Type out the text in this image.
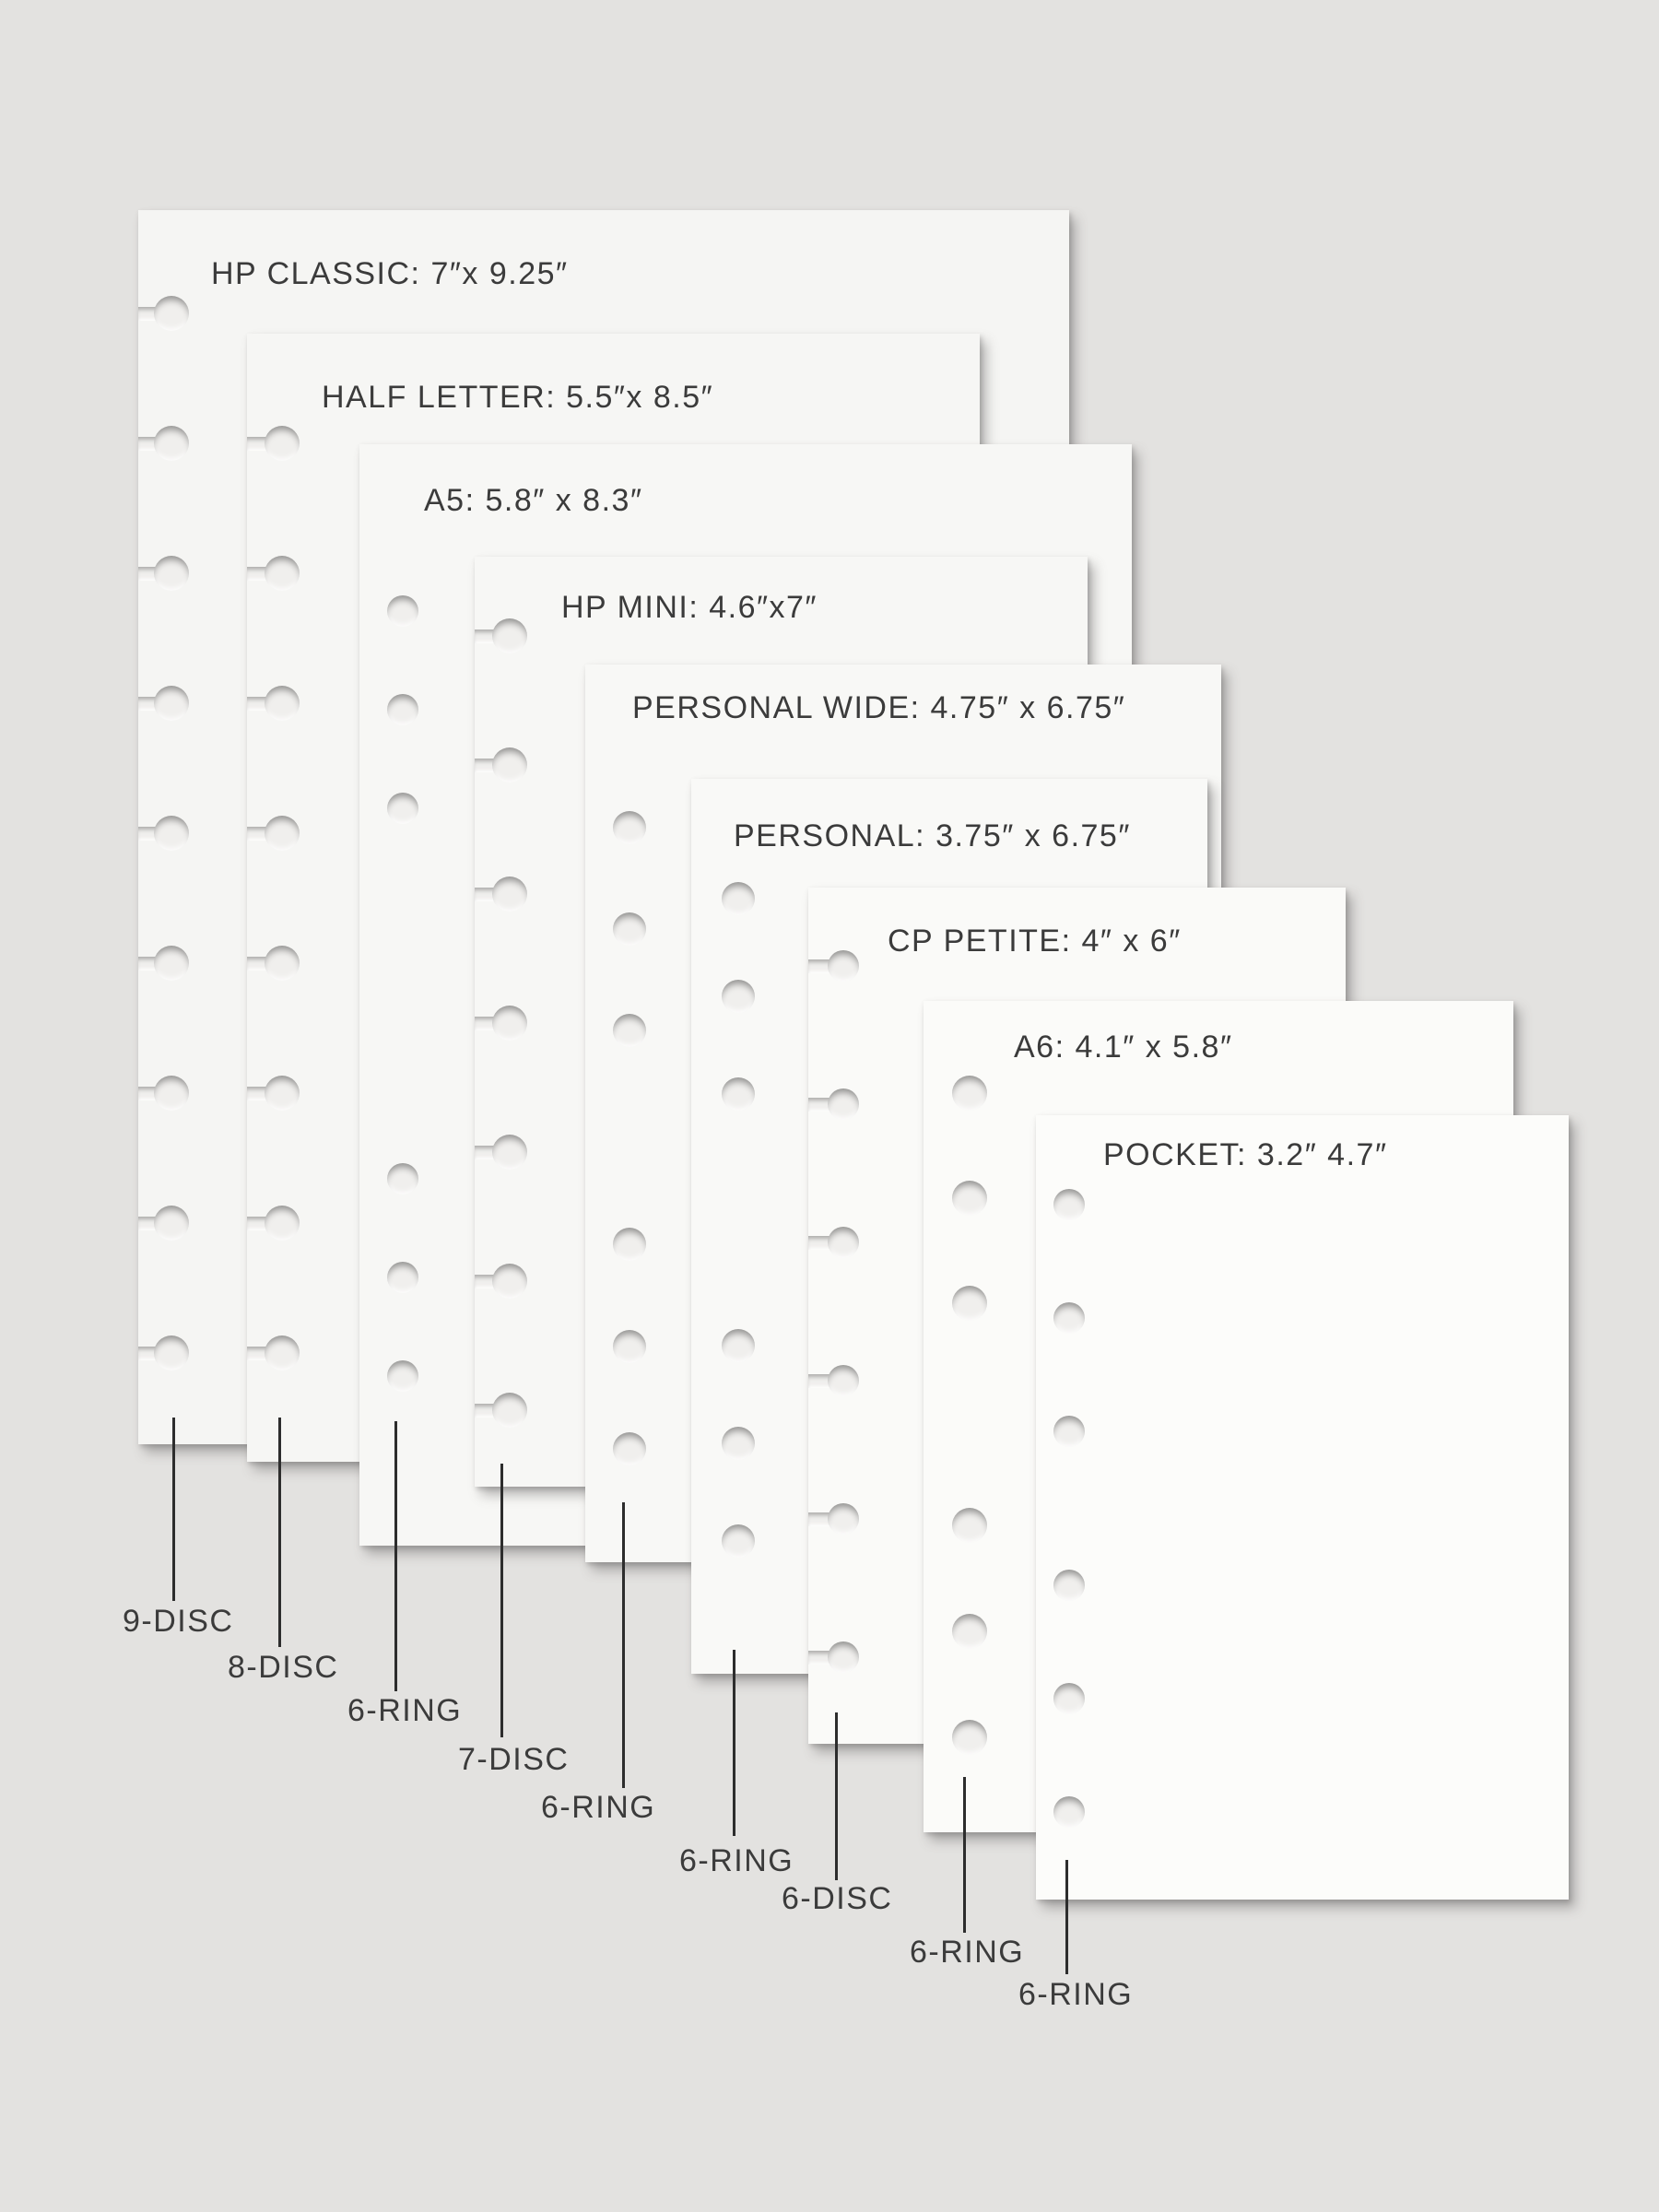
HP CLASSIC: 7″x 9.25″
9-DISC
HALF LETTER: 5.5″x 8.5″
8-DISC
A5: 5.8″ x 8.3″
6-RING
HP MINI: 4.6″x7″
7-DISC
PERSONAL WIDE: 4.75″ x 6.75″
6-RING
PERSONAL: 3.75″ x 6.75″
6-RING
CP PETITE: 4″ x 6″
6-DISC
A6: 4.1″ x 5.8″
6-RING
POCKET: 3.2″ 4.7″
6-RING
